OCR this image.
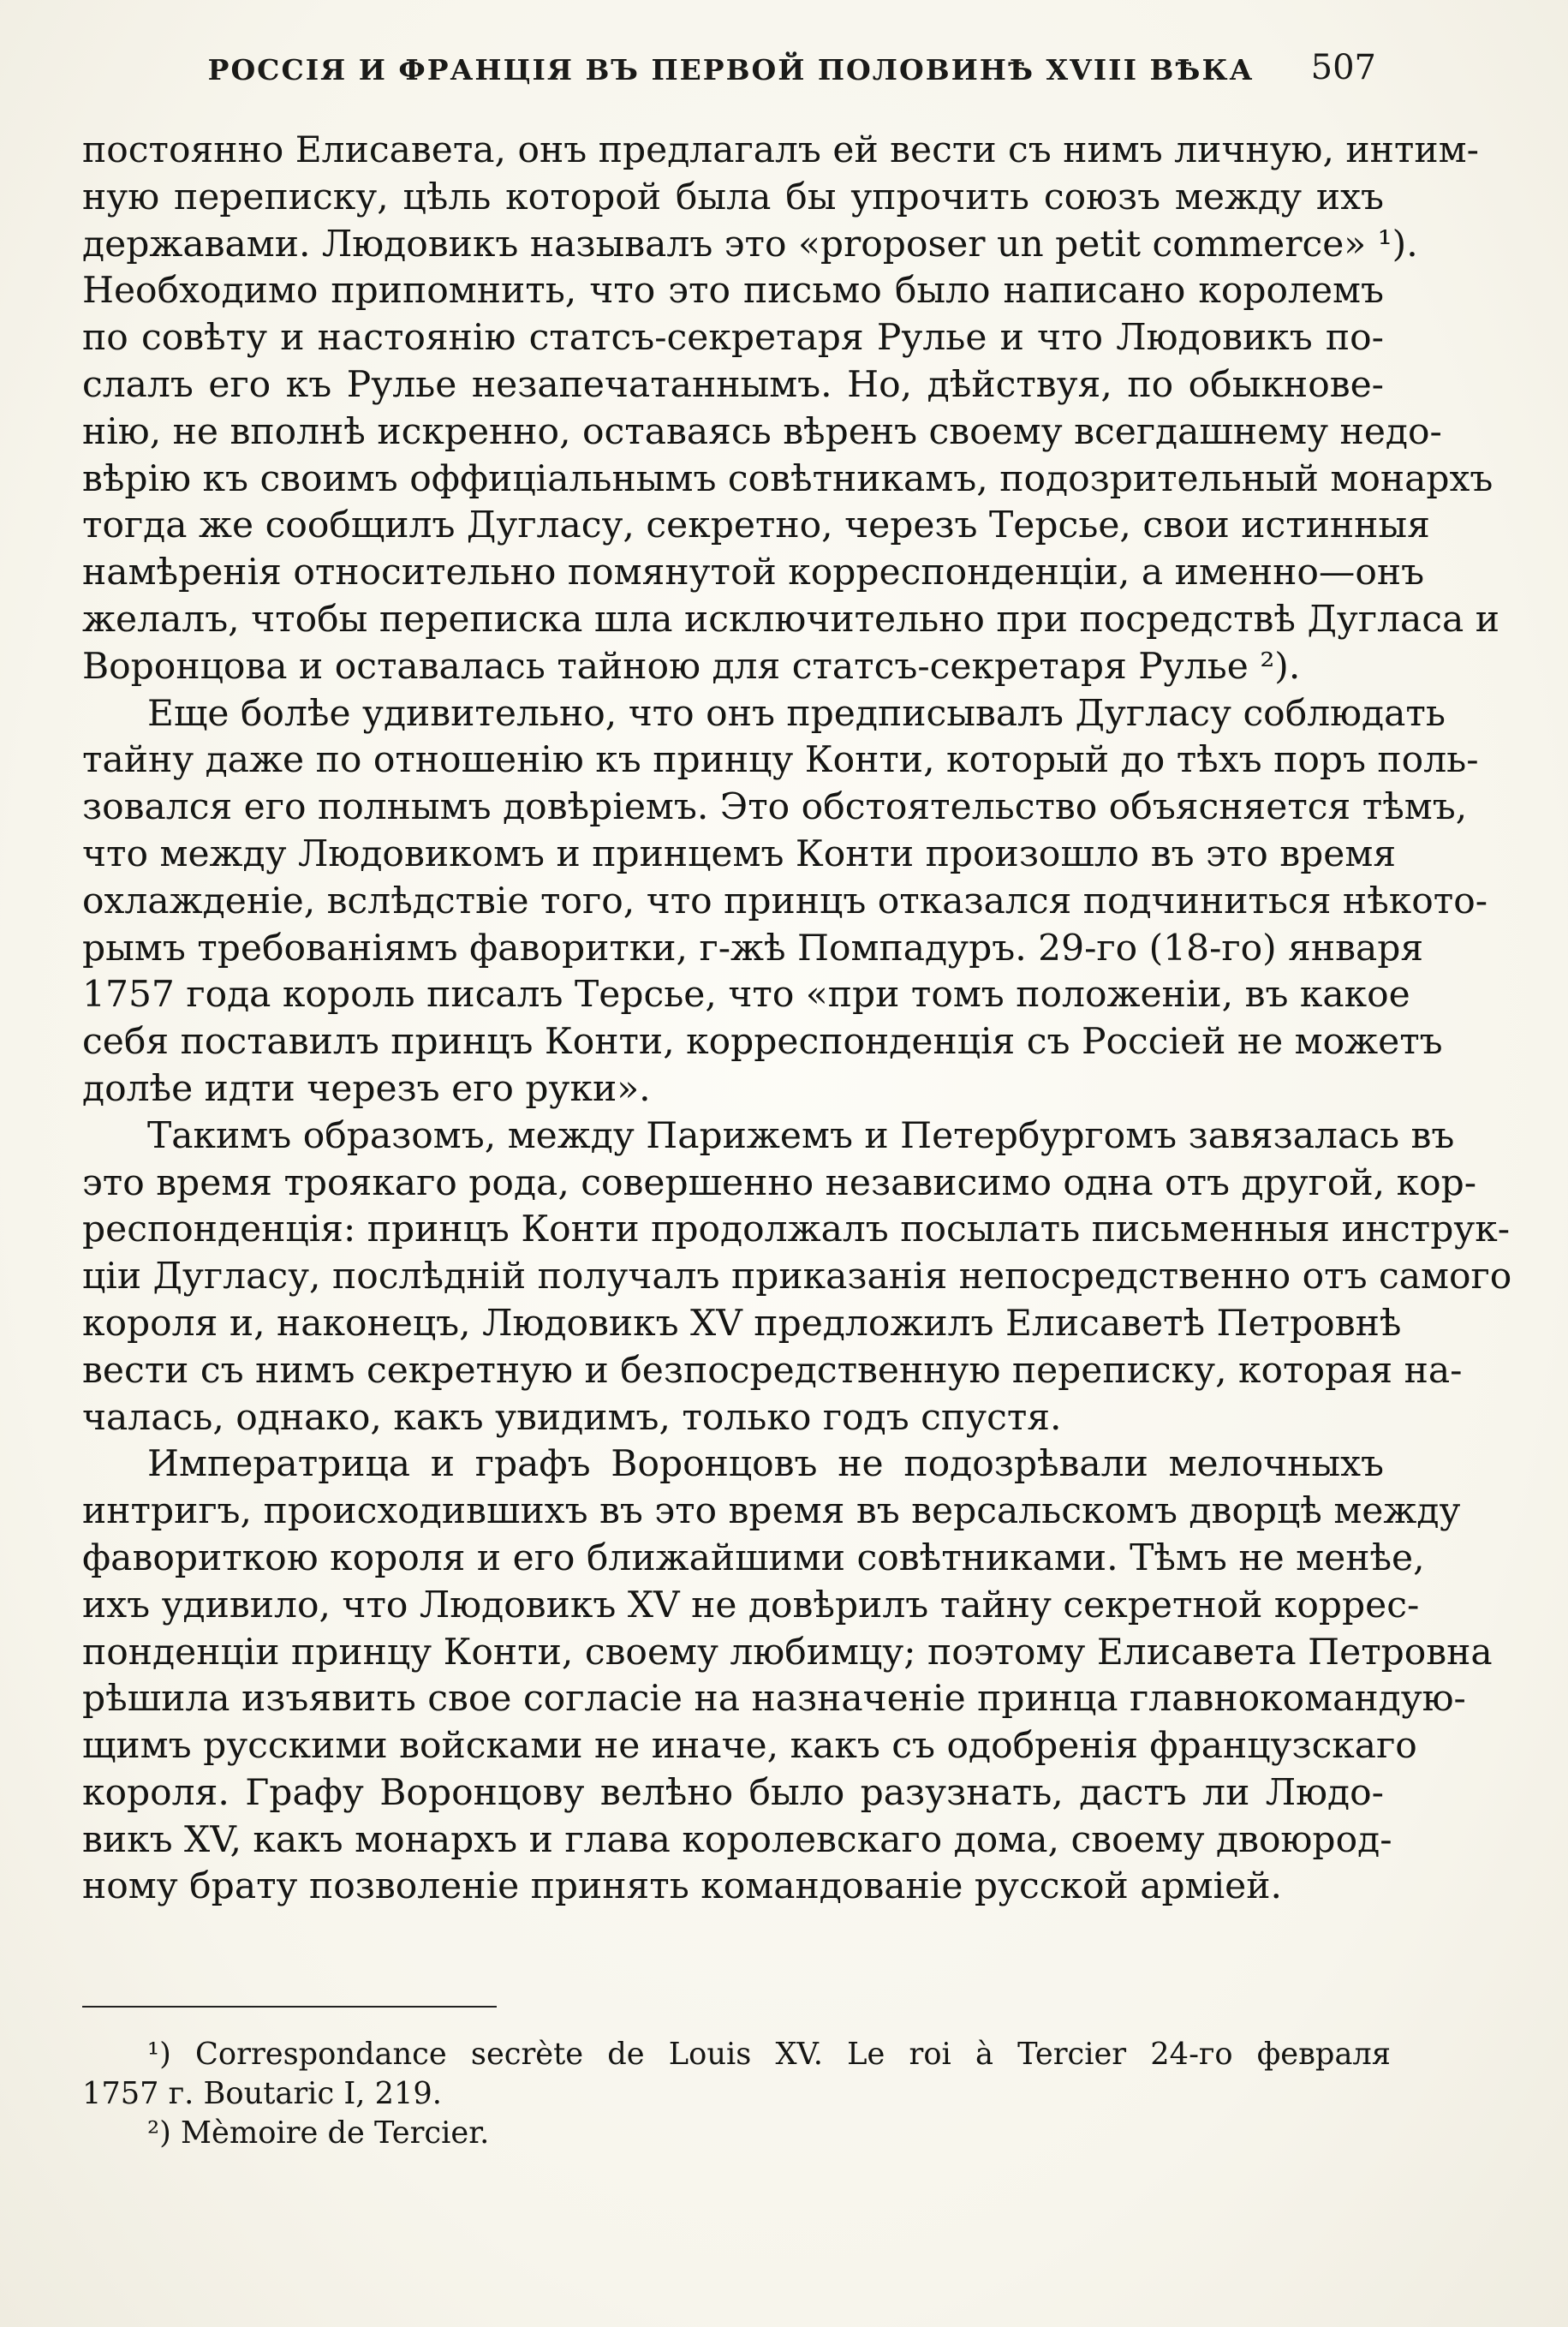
РОССІЯ И ФРАНЦІЯ ВЪ ПЕРВОЙ ПОЛОВИНѢ XVIII ВѢКА	507
постоянно Елисавета, онъ предлагалъ ей вести съ нимъ личную, интим-
ную переписку, цѣль которой была бы упрочить союзъ между ихъ
державами. Людовикъ называлъ это «proposer un petit commerce» ¹).
Необходимо припомнить, что это письмо было написано королемъ
по совѣту и настоянію статсъ-секретаря Рулье и что Людовикъ по-
слалъ его къ Рулье незапечатаннымъ. Но, дѣйствуя, по обыкнове-
нію, не вполнѣ искренно, оставаясь вѣренъ своему всегдашнему недо-
вѣрію къ своимъ оффиціальнымъ совѣтникамъ, подозрительный монархъ
тогда же сообщилъ Дугласу, секретно, черезъ Терсье, свои истинныя
намѣренія относительно помянутой корреспонденціи, а именно—онъ
желалъ, чтобы переписка шла исключительно при посредствѣ Дугласа и
Воронцова и оставалась тайною для статсъ-секретаря Рулье ²).
Еще болѣе удивительно, что онъ предписывалъ Дугласу соблюдать
тайну даже по отношенію къ принцу Конти, который до тѣхъ поръ поль-
зовался его полнымъ довѣріемъ. Это обстоятельство объясняется тѣмъ,
что между Людовикомъ и принцемъ Конти произошло въ это время
охлажденіе, вслѣдствіе того, что принцъ отказался подчиниться нѣкото-
рымъ требованіямъ фаворитки, г-жѣ Помпадуръ. 29-го (18-го) января
1757 года король писалъ Терсье, что «при томъ положеніи, въ какое
себя поставилъ принцъ Конти, корреспонденція съ Россіей не можетъ
долѣе идти черезъ его руки».
Такимъ образомъ, между Парижемъ и Петербургомъ завязалась въ
это время троякаго рода, совершенно независимо одна отъ другой, кор-
респонденція: принцъ Конти продолжалъ посылать письменныя инструк-
ціи Дугласу, послѣдній получалъ приказанія непосредственно отъ самого
короля и, наконецъ, Людовикъ XV предложилъ Елисаветѣ Петровнѣ
вести съ нимъ секретную и безпосредственную переписку, которая на-
чалась, однако, какъ увидимъ, только годъ спустя.
Императрица и графъ Воронцовъ не подозрѣвали мелочныхъ
интригъ, происходившихъ въ это время въ версальскомъ дворцѣ между
фавориткою короля и его ближайшими совѣтниками. Тѣмъ не менѣе,
ихъ удивило, что Людовикъ XV не довѣрилъ тайну секретной коррес-
понденціи принцу Конти, своему любимцу; поэтому Елисавета Петровна
рѣшила изъявить свое согласіе на назначеніе принца главнокомандую-
щимъ русскими войсками не иначе, какъ съ одобренія французскаго
короля. Графу Воронцову велѣно было разузнать, дастъ ли Людо-
викъ XV, какъ монархъ и глава королевскаго дома, своему двоюрод-
ному брату позволеніе принять командованіе русской арміей.
¹) Correspondance secrète de Louis XV. Le roi à Tercier 24-го февраля
1757 г. Boutaric I, 219.
²) Mèmoire de Tercier.
